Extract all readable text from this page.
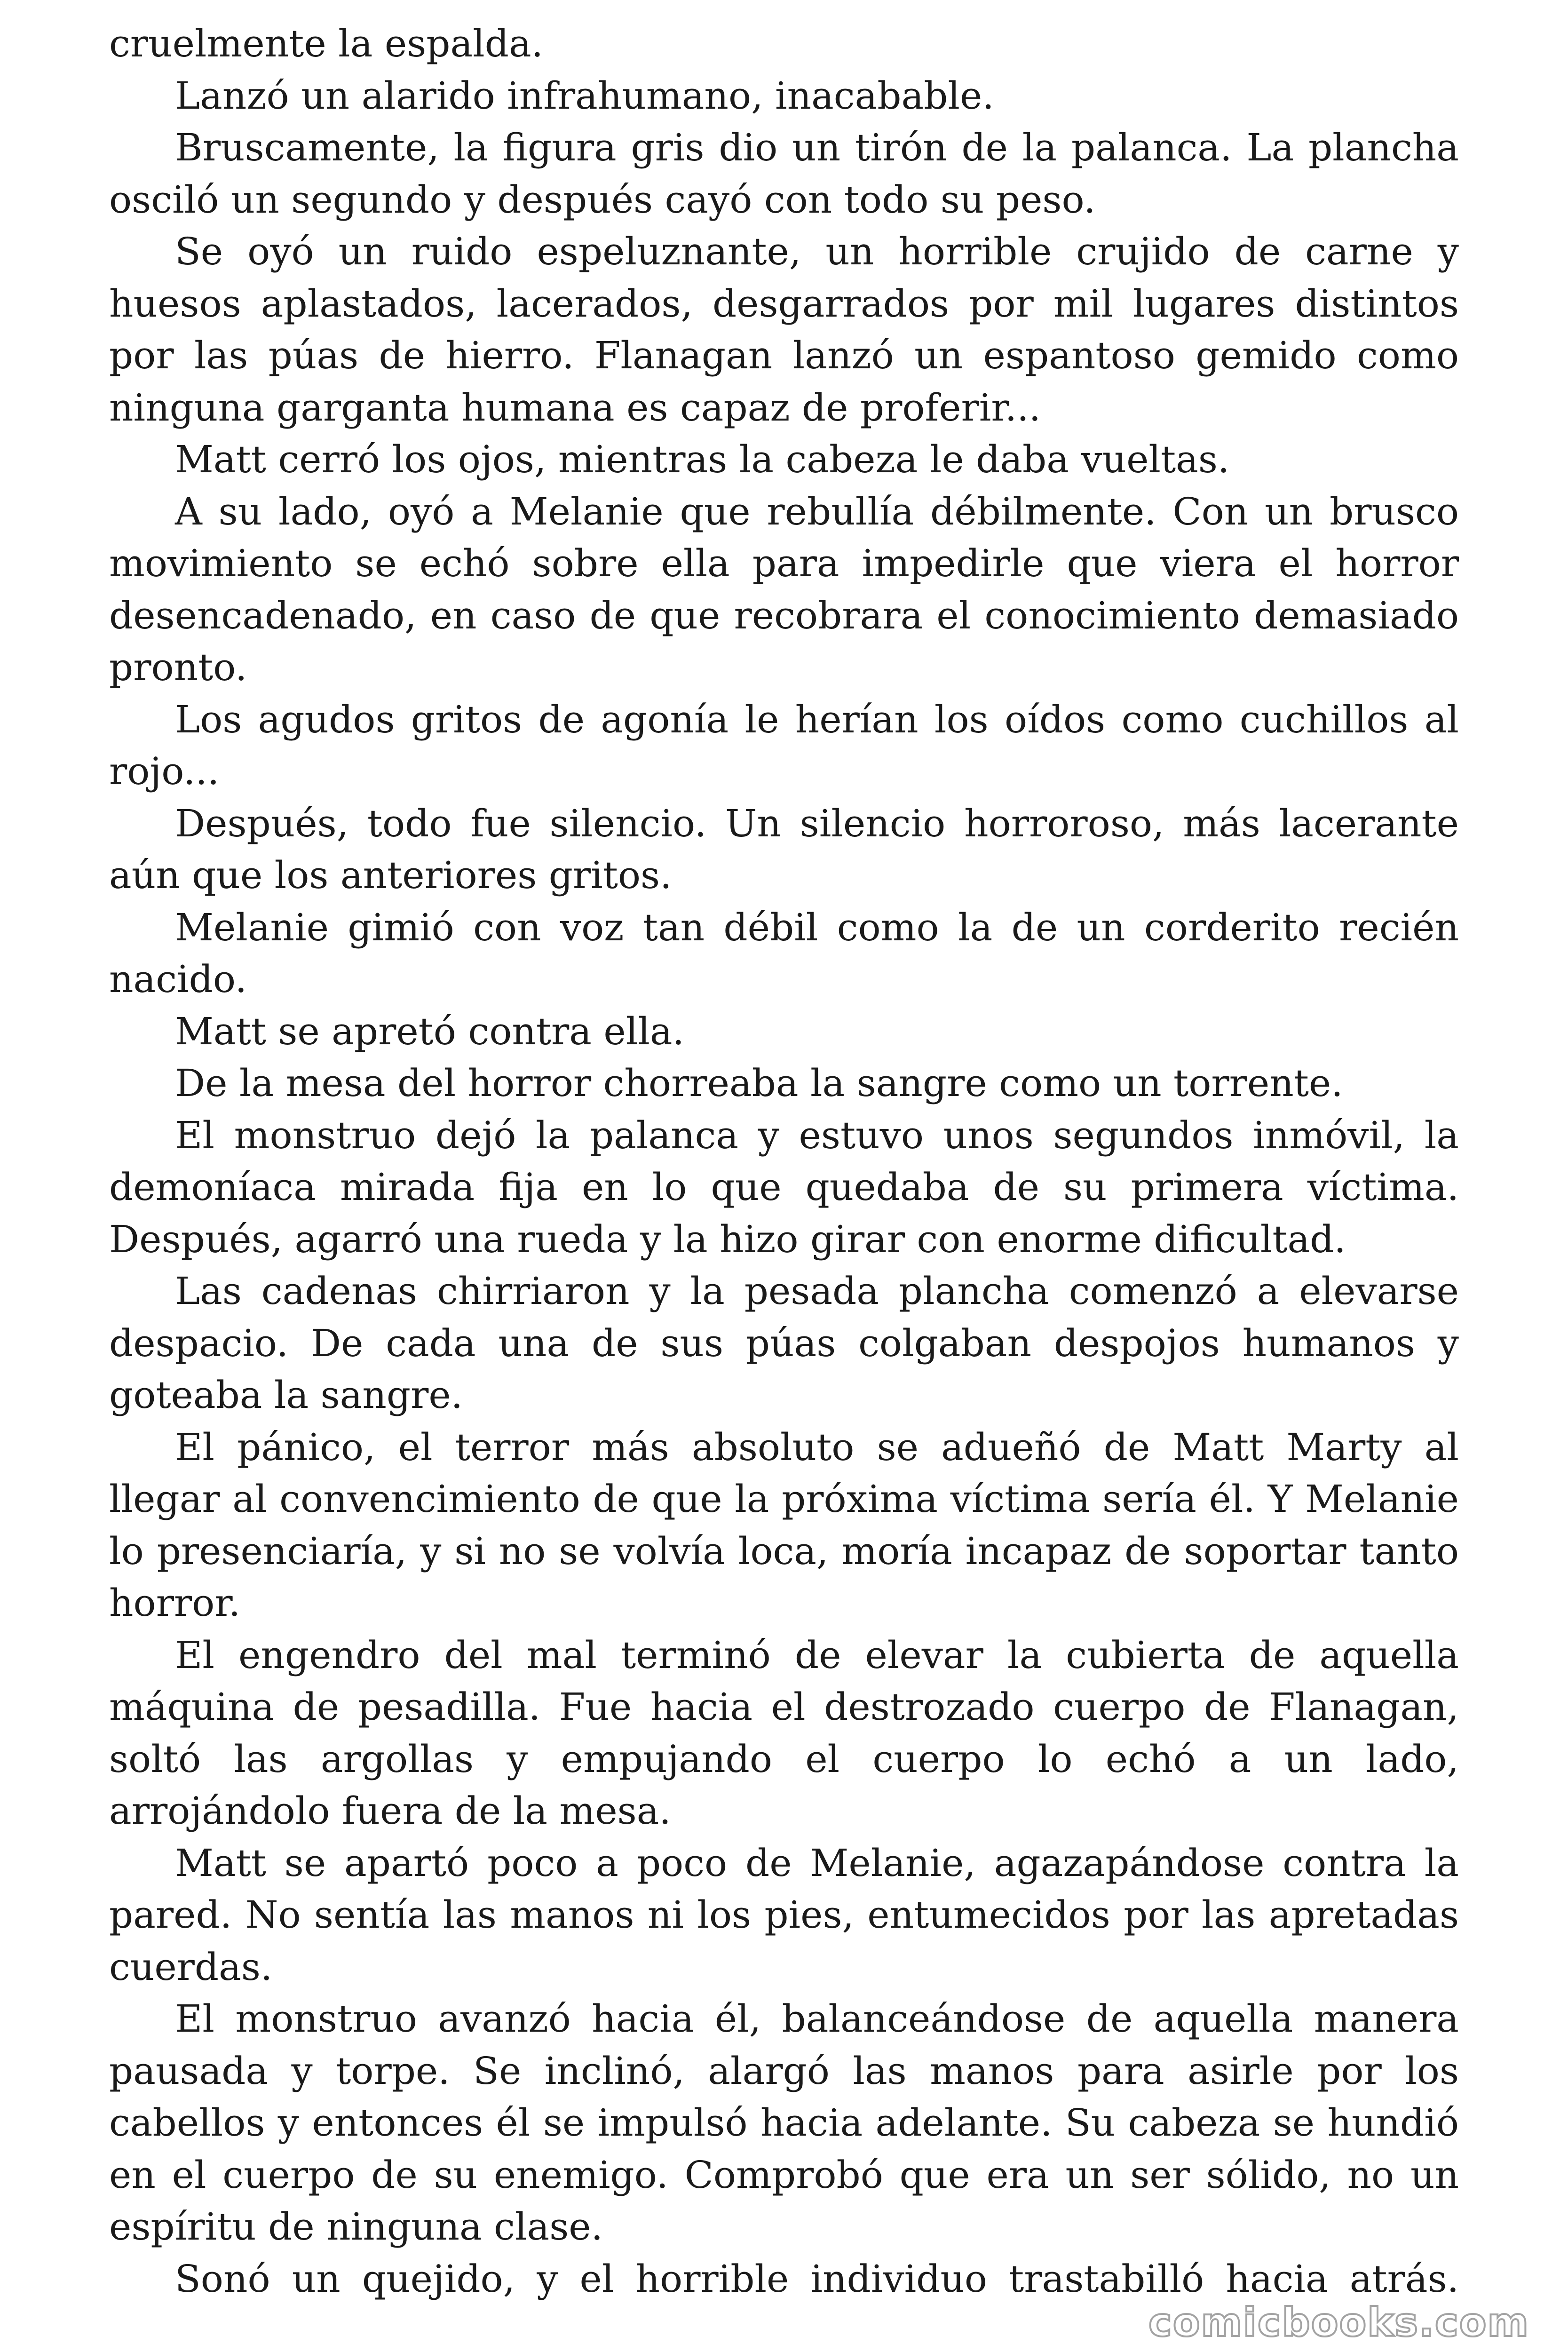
cruelmente la espalda.

Lanzó un alarido infrahumano, inacabable.

Bruscamente, la figura gris dio un tirón de la palanca. La plancha osciló un segundo y después cayó con todo su peso.

Se oyó un ruido espeluznante, un horrible crujido de carne y huesos aplastados, lacerados, desgarrados por mil lugares distintos por las púas de hierro. Flanagan lanzó un espantoso gemido como ninguna garganta humana es capaz de proferir...

Matt cerró los ojos, mientras la cabeza le daba vueltas.

A su lado, oyó a Melanie que rebullía débilmente. Con un brusco movimiento se echó sobre ella para impedirle que viera el horror desencadenado, en caso de que recobrara el conocimiento demasiado pronto.

Los agudos gritos de agonía le herían los oídos como cuchillos al rojo...

Después, todo fue silencio. Un silencio horroroso, más lacerante aún que los anteriores gritos.

Melanie gimió con voz tan débil como la de un corderito recién nacido.

Matt se apretó contra ella.

De la mesa del horror chorreaba la sangre como un torrente.

El monstruo dejó la palanca y estuvo unos segundos inmóvil, la demoníaca mirada fija en lo que quedaba de su primera víctima. Después, agarró una rueda y la hizo girar con enorme dificultad.

Las cadenas chirriaron y la pesada plancha comenzó a elevarse despacio. De cada una de sus púas colgaban despojos humanos y goteaba la sangre.

El pánico, el terror más absoluto se adueñó de Matt Marty al llegar al convencimiento de que la próxima víctima sería él. Y Melanie lo presenciaría, y si no se volvía loca, moría incapaz de soportar tanto horror.

El engendro del mal terminó de elevar la cubierta de aquella máquina de pesadilla. Fue hacia el destrozado cuerpo de Flanagan, soltó las argollas y empujando el cuerpo lo echó a un lado, arrojándolo fuera de la mesa.

Matt se apartó poco a poco de Melanie, agazapándose contra la pared. No sentía las manos ni los pies, entumecidos por las apretadas cuerdas.

El monstruo avanzó hacia él, balanceándose de aquella manera pausada y torpe. Se inclinó, alargó las manos para asirle por los cabellos y entonces él se impulsó hacia adelante. Su cabeza se hundió en el cuerpo de su enemigo. Comprobó que era un ser sólido, no un espíritu de ninguna clase.

Sonó un quejido, y el horrible individuo trastabilló hacia atrás.

comicbooks.com
